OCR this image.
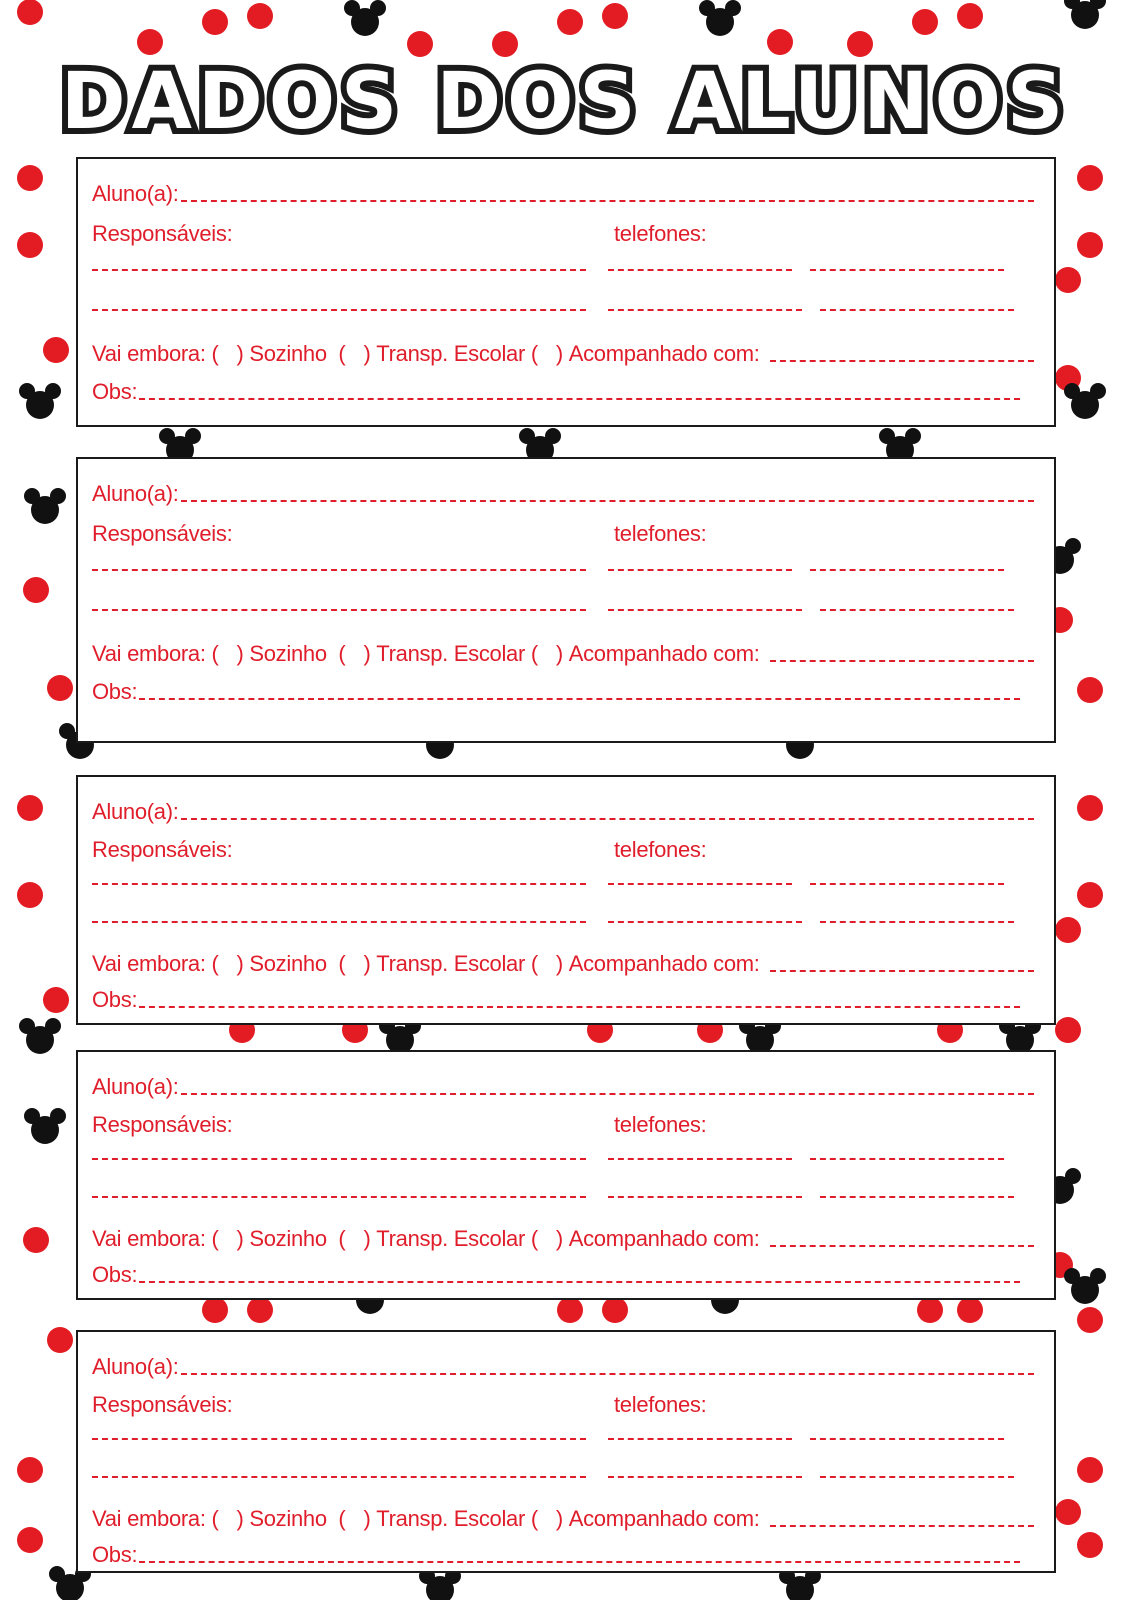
DADOS DOS ALUNOS
Aluno(a):
Responsáveis:	telefones:
Vai embora: ( ) Sozinho ( ) Transp. Escolar ( ) Acompanhado com:
Obs:
Aluno(a):
Responsáveis:	telefones:
Vai embora: ( ) Sozinho ( ) Transp. Escolar ( ) Acompanhado com:
Obs:
Aluno(a):
Responsáveis:	telefones:
Vai embora: ( ) Sozinho ( ) Transp. Escolar ( ) Acompanhado com:
Obs:
Aluno(a):
Responsáveis:	telefones:
Vai embora: ( ) Sozinho ( ) Transp. Escolar ( ) Acompanhado com:
Obs:
Aluno(a):
Responsáveis:	telefones:
Vai embora: ( ) Sozinho ( ) Transp. Escolar ( ) Acompanhado com:
Obs:
